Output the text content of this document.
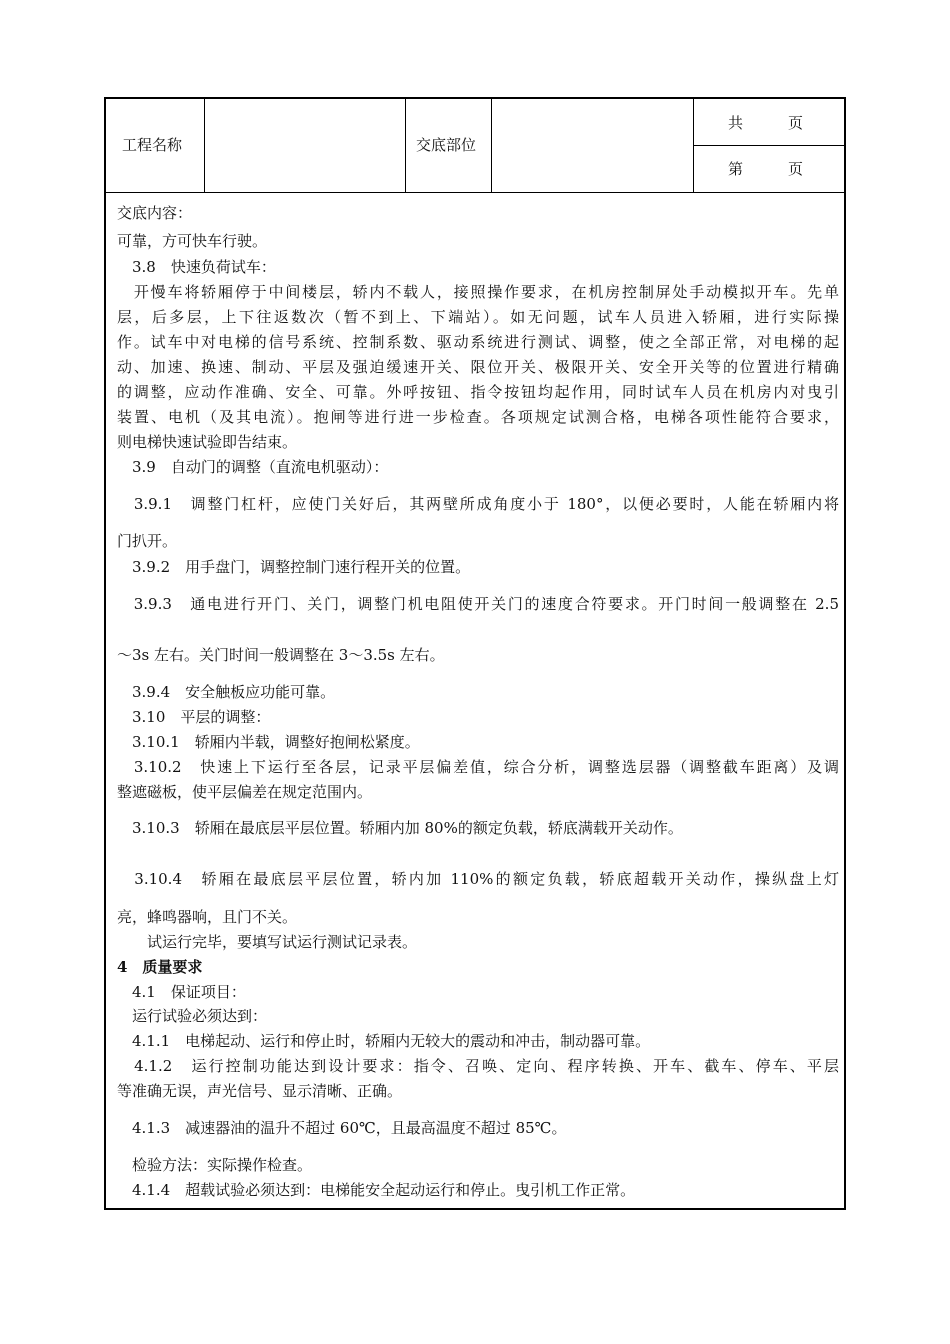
工程名称	交底部位
共　　　页
第　　　页
交底内容：
可靠，方可快车行驶。
　3.8　快速负荷试车：
　开慢车将轿厢停于中间楼层，轿内不载人，接照操作要求，在机房控制屏处手动模拟开车。先单
层，后多层，上下往返数次（暂不到上、下端站）。如无问题，试车人员进入轿厢，进行实际操
作。试车中对电梯的信号系统、控制系数、驱动系统进行测试、调整，使之全部正常，对电梯的起
动、加速、换速、制动、平层及强迫缓速开关、限位开关、极限开关、安全开关等的位置进行精确
的调整，应动作准确、安全、可靠。外呼按钮、指令按钮均起作用，同时试车人员在机房内对曳引
装置、电机（及其电流）。抱闸等进行进一步检查。各项规定试测合格，电梯各项性能符合要求，
则电梯快速试验即告结束。
　3.9　自动门的调整（直流电机驱动）：
　3.9.1　调整门杠杆，应使门关好后，其两壁所成角度小于 180°，以便必要时，人能在轿厢内将
门扒开。
　3.9.2　用手盘门，调整控制门速行程开关的位置。
　3.9.3　通电进行开门、关门，调整门机电阻使开关门的速度合符要求。开门时间一般调整在 2.5
～3s 左右。关门时间一般调整在 3～3.5s 左右。
　3.9.4　安全触板应功能可靠。
　3.10　平层的调整：
　3.10.1　轿厢内半载，调整好抱闸松紧度。
　3.10.2　快速上下运行至各层，记录平层偏差值，综合分析，调整选层器（调整截车距离）及调
整遮磁板，使平层偏差在规定范围内。
　3.10.3　轿厢在最底层平层位置。轿厢内加 80%的额定负载，轿底满载开关动作。
　3.10.4　轿厢在最底层平层位置，轿内加 110%的额定负载，轿底超载开关动作，操纵盘上灯
亮，蜂鸣器响，且门不关。
　　试运行完毕，要填写试运行测试记录表。
4　质量要求
　4.1　保证项目：
　运行试验必须达到：
　4.1.1　电梯起动、运行和停止时，轿厢内无较大的震动和冲击，制动器可靠。
　4.1.2　运行控制功能达到设计要求：指令、召唤、定向、程序转换、开车、截车、停车、平层
等准确无误，声光信号、显示清晰、正确。
　4.1.3　减速器油的温升不超过 60℃，且最高温度不超过 85℃。
　检验方法：实际操作检查。
　4.1.4　超载试验必须达到：电梯能安全起动运行和停止。曳引机工作正常。
